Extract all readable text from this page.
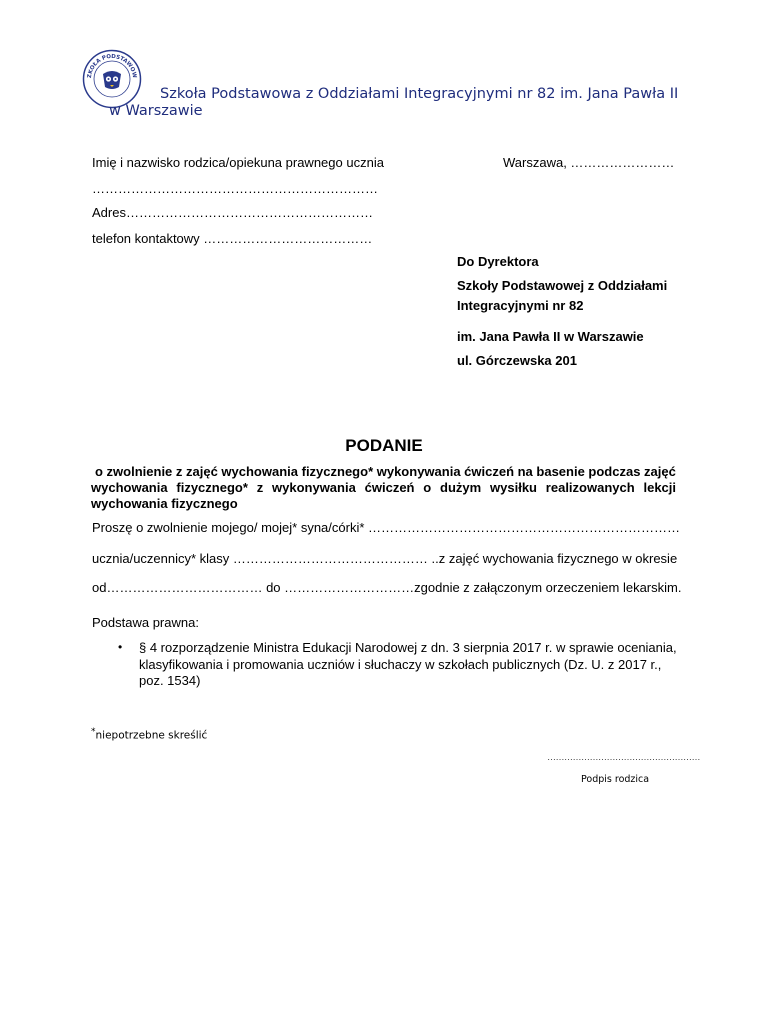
ZKOŁA PODSTAWOW
Szkoła Podstawowa z Oddziałami Integracyjnymi nr 82 im. Jana Pawła II
w Warszawie
Imię i nazwisko rodzica/opiekuna prawnego ucznia	Warszawa, ……………………
…………………………………………………………
Adres…………………………………………………
telefon kontaktowy …………………………………
Do Dyrektora
Szkoły Podstawowej z Oddziałami
Integracyjnymi nr 82
im. Jana Pawła II w Warszawie
ul. Górczewska 201
PODANIE
o zwolnienie z zajęć wychowania fizycznego* wykonywania ćwiczeń na basenie podczas zajęć
wychowania fizycznego* z wykonywania ćwiczeń o dużym wysiłku realizowanych lekcji
wychowania fizycznego
Proszę o zwolnienie mojego/ mojej* syna/córki* ………………………………………………………………
ucznia/uczennicy* klasy ……………………………………… ..z zajęć wychowania fizycznego w okresie
od……………………………… do …………………………zgodnie z załączonym orzeczeniem lekarskim.
Podstawa prawna:
• § 4 rozporządzenie Ministra Edukacji Narodowej z dn. 3 sierpnia 2017 r. w sprawie oceniania, klasyfikowania i promowania uczniów i słuchaczy w szkołach publicznych (Dz. U. z 2017 r., poz. 1534)
*niepotrzebne skreślić
………………………………………………
Podpis rodzica
